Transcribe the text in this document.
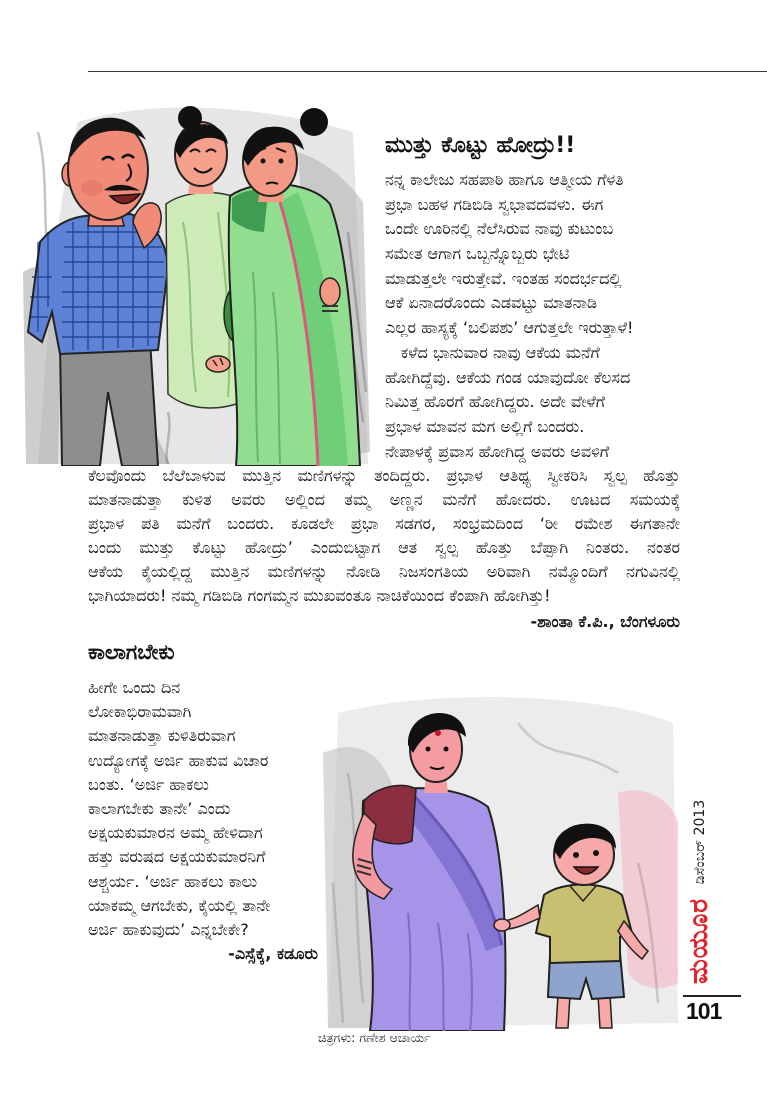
ಮುತ್ತು ಕೊಟ್ಟು ಹೋದ್ರು!!
ನನ್ನ ಕಾಲೇಜು ಸಹಪಾಠಿ ಹಾಗೂ ಆತ್ಮೀಯ ಗೆಳತಿ
ಪ್ರಭಾ ಬಹಳ ಗಡಿಬಿಡಿ ಸ್ವಭಾವದವಳು. ಈಗ
ಒಂದೇ ಊರಿನಲ್ಲಿ ನೆಲೆಸಿರುವ ನಾವು ಕುಟುಂಬ
ಸಮೇತ ಆಗಾಗ ಒಬ್ಬನ್ನೊಬ್ಬರು ಭೇಟಿ
ಮಾಡುತ್ತಲೇ ಇರುತ್ತೇವೆ. ಇಂತಹ ಸಂದರ್ಭದಲ್ಲಿ
ಆಕೆ ಏನಾದರೊಂದು ಎಡವಟ್ಟು ಮಾತನಾಡಿ
ಎಲ್ಲರ ಹಾಸ್ಯಕ್ಕೆ ‘ಬಲಿಪಶು’ ಆಗುತ್ತಲೇ ಇರುತ್ತಾಳೆ!
ಕಳೆದ ಭಾನುವಾರ ನಾವು ಆಕೆಯ ಮನೆಗೆ
ಹೋಗಿದ್ದೆವು. ಆಕೆಯ ಗಂಡ ಯಾವುದೋ ಕೆಲಸದ
ನಿಮಿತ್ತ ಹೊರಗೆ ಹೋಗಿದ್ದರು. ಅದೇ ವೇಳೆಗೆ
ಪ್ರಭಾಳ ಮಾವನ ಮಗ ಅಲ್ಲಿಗೆ ಬಂದರು.
ನೇಪಾಳಕ್ಕೆ ಪ್ರವಾಸ ಹೋಗಿದ್ದ ಅವರು ಅವಳಿಗೆ
ಕೆಲವೊಂದು ಬೆಲೆಬಾಳುವ ಮುತ್ತಿನ ಮಣಿಗಳನ್ನು ತಂದಿದ್ದರು. ಪ್ರಭಾಳ ಆತಿಥ್ಯ ಸ್ವೀಕರಿಸಿ ಸ್ವಲ್ಪ ಹೊತ್ತು
ಮಾತನಾಡುತ್ತಾ ಕುಳಿತ ಅವರು ಅಲ್ಲಿಂದ ತಮ್ಮ ಅಣ್ಣನ ಮನೆಗೆ ಹೋದರು. ಊಟದ ಸಮಯಕ್ಕೆ
ಪ್ರಭಾಳ ಪತಿ ಮನೆಗೆ ಬಂದರು. ಕೂಡಲೇ ಪ್ರಭಾ ಸಡಗರ, ಸಂಭ್ರಮದಿಂದ ‘ರೀ ರಮೇಶ ಈಗತಾನೇ
ಬಂದು ಮುತ್ತು ಕೊಟ್ಟು ಹೋದ್ರು’ ಎಂದುಬಿಟ್ಟಾಗ ಆತ ಸ್ವಲ್ಪ ಹೊತ್ತು ಬೆಪ್ಪಾಗಿ ನಿಂತರು. ನಂತರ
ಆಕೆಯ ಕೈಯಲ್ಲಿದ್ದ ಮುತ್ತಿನ ಮಣಿಗಳನ್ನು ನೋಡಿ ನಿಜಸಂಗತಿಯ ಅರಿವಾಗಿ ನಮ್ಮೊಂದಿಗೆ ನಗುವಿನಲ್ಲಿ
ಭಾಗಿಯಾದರು! ನಮ್ಮ ಗಡಿಬಿಡಿ ಗಂಗಮ್ಮನ ಮುಖವಂತೂ ನಾಚಿಕೆಯಿಂದ ಕೆಂಪಾಗಿ ಹೋಗಿತ್ತು!
-ಶಾಂತಾ ಕೆ.ಪಿ., ಬೆಂಗಳೂರು
ಕಾಲಾಗಬೇಕು
ಹೀಗೇ ಒಂದು ದಿನ
ಲೋಕಾಭಿರಾಮವಾಗಿ
ಮಾತನಾಡುತ್ತಾ ಕುಳಿತಿರುವಾಗ
ಉದ್ಯೋಗಕ್ಕೆ ಅರ್ಜಿ ಹಾಕುವ ವಿಚಾರ
ಬಂತು. ‘ಅರ್ಜಿ ಹಾಕಲು
ಕಾಲಾಗಬೇಕು ತಾನೇ’ ಎಂದು
ಅಕ್ಷಯಕುಮಾರನ ಅಮ್ಮ ಹೇಳಿದಾಗ
ಹತ್ತು ವರುಷದ ಅಕ್ಷಯಕುಮಾರನಿಗೆ
ಆಶ್ಚರ್ಯ. ‘ಅರ್ಜಿ ಹಾಕಲು ಕಾಲು
ಯಾಕಮ್ಮ ಆಗಬೇಕು, ಕೈಯಲ್ಲಿ ತಾನೇ
ಅರ್ಜಿ ಹಾಕುವುದು’ ಎನ್ನಬೇಕೇ?
-ಎಸ್ಸೆಕ್ಕೆ, ಕಡೂರು
ಚಿತ್ರಗಳು: ಗಣೇಶ ಆಚಾರ್ಯ
ಡಿಸೆಂಬರ್ 2013
ಮಯೂರ
101
